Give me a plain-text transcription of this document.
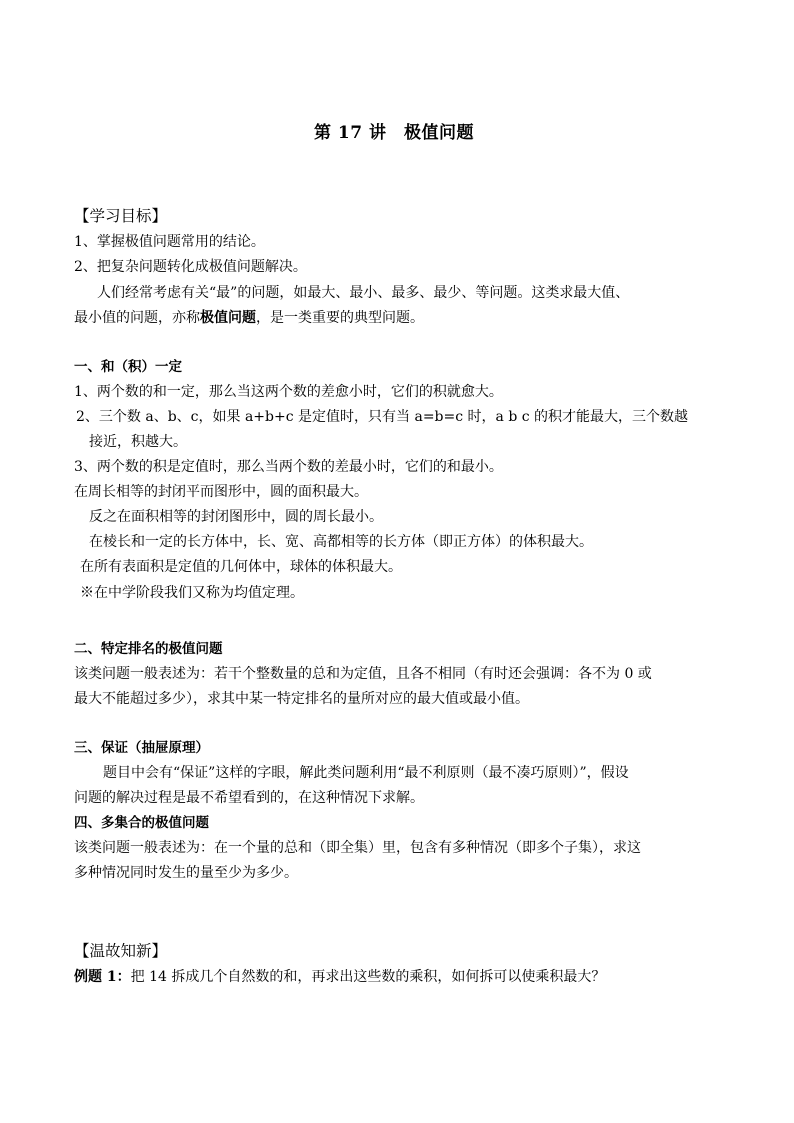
第 17 讲　极值问题
【学习目标】
1、掌握极值问题常用的结论。
2、把复杂问题转化成极值问题解决。
人们经常考虑有关“最”的问题，如最大、最小、最多、最少、等问题。这类求最大值、
最小值的问题，亦称极值问题，是一类重要的典型问题。
一、和（积）一定
1、两个数的和一定，那么当这两个数的差愈小时，它们的积就愈大。
2、三个数 a、b、c，如果 a+b+c 是定值时，只有当 a=b=c 时，a b c 的积才能最大，三个数越
接近，积越大。
3、两个数的积是定值时，那么当两个数的差最小时，它们的和最小。
在周长相等的封闭平而图形中，圆的面积最大。
反之在面积相等的封闭图形中，圆的周长最小。
在棱长和一定的长方体中，长、宽、高都相等的长方体（即正方体）的体积最大。
在所有表面积是定值的几何体中，球体的体积最大。
※在中学阶段我们又称为均值定理。
二、特定排名的极值问题
该类问题一般表述为：若干个整数量的总和为定值，且各不相同（有时还会强调：各不为 0 或
最大不能超过多少），求其中某一特定排名的量所对应的最大值或最小值。
三、保证（抽屉原理）
题目中会有“保证”这样的字眼，解此类问题利用“最不利原则（最不凑巧原则）”，假设
问题的解决过程是最不希望看到的，在这种情况下求解。
四、多集合的极值问题
该类问题一般表述为：在一个量的总和（即全集）里，包含有多种情况（即多个子集），求这
多种情况同时发生的量至少为多少。
【温故知新】
例题 1：把 14 拆成几个自然数的和，再求出这些数的乘积，如何拆可以使乘积最大？
